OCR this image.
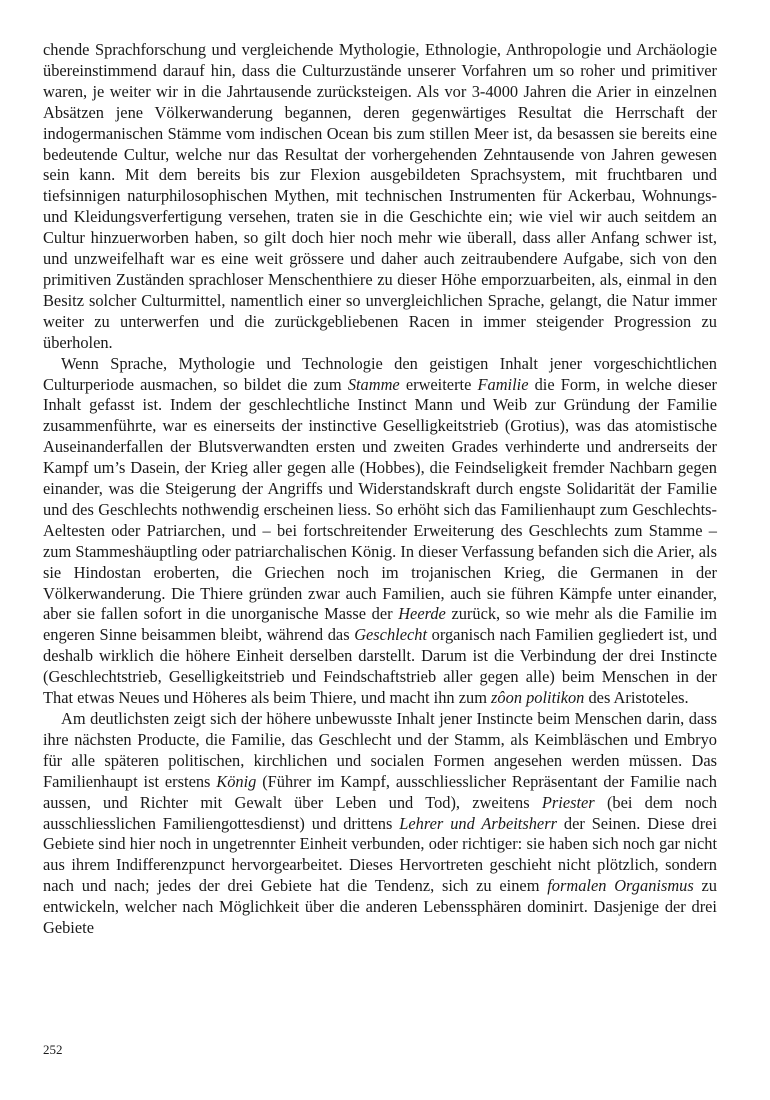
chende Sprachforschung und vergleichende Mythologie, Ethnologie, Anthropologie und Archäologie übereinstimmend darauf hin, dass die Culturzustände unserer Vorfahren um so roher und primitiver waren, je weiter wir in die Jahrtausende zurücksteigen. Als vor 3-4000 Jahren die Arier in einzelnen Absätzen jene Völkerwanderung begannen, deren gegenwärtiges Resultat die Herrschaft der indogermanischen Stämme vom indischen Ocean bis zum stillen Meer ist, da besassen sie bereits eine bedeutende Cultur, welche nur das Resultat der vorhergehenden Zehntausende von Jahren gewesen sein kann. Mit dem bereits bis zur Flexion ausgebildeten Sprachsystem, mit fruchtbaren und tiefsinnigen naturphilosophischen Mythen, mit technischen Instrumenten für Ackerbau, Wohnungs- und Kleidungsverfertigung versehen, traten sie in die Geschichte ein; wie viel wir auch seitdem an Cultur hinzuerworben haben, so gilt doch hier noch mehr wie überall, dass aller Anfang schwer ist, und unzweifelhaft war es eine weit grössere und daher auch zeitraubendere Aufgabe, sich von den primitiven Zuständen sprachloser Menschenthiere zu dieser Höhe emporzuarbeiten, als, einmal in den Besitz solcher Culturmittel, namentlich einer so unvergleichlichen Sprache, gelangt, die Natur immer weiter zu unterwerfen und die zurückgebliebenen Racen in immer steigender Progression zu überholen.

Wenn Sprache, Mythologie und Technologie den geistigen Inhalt jener vorgeschichtlichen Culturperiode ausmachen, so bildet die zum Stamme erweiterte Familie die Form, in welche dieser Inhalt gefasst ist. Indem der geschlechtliche Instinct Mann und Weib zur Gründung der Familie zusammenführte, war es einerseits der instinctive Geselligkeitstrieb (Grotius), was das atomistische Auseinanderfallen der Blutsverwandten ersten und zweiten Grades verhinderte und andrerseits der Kampf um’s Dasein, der Krieg aller gegen alle (Hobbes), die Feindseligkeit fremder Nachbarn gegen einander, was die Steigerung der Angriffs und Widerstandskraft durch engste Solidarität der Familie und des Geschlechts nothwendig erscheinen liess. So erhöht sich das Familienhaupt zum Geschlechts-Aeltesten oder Patriarchen, und – bei fortschreitender Erweiterung des Geschlechts zum Stamme – zum Stammeshäuptling oder patriarchalischen König. In dieser Verfassung befanden sich die Arier, als sie Hindostan eroberten, die Griechen noch im trojanischen Krieg, die Germanen in der Völkerwanderung. Die Thiere gründen zwar auch Familien, auch sie führen Kämpfe unter einander, aber sie fallen sofort in die unorganische Masse der Heerde zurück, so wie mehr als die Familie im engeren Sinne beisammen bleibt, während das Geschlecht organisch nach Familien gegliedert ist, und deshalb wirklich die höhere Einheit derselben darstellt. Darum ist die Verbindung der drei Instincte (Geschlechtstrieb, Geselligkeitstrieb und Feindschaftstrieb aller gegen alle) beim Menschen in der That etwas Neues und Höheres als beim Thiere, und macht ihn zum zôon politikon des Aristoteles.

Am deutlichsten zeigt sich der höhere unbewusste Inhalt jener Instincte beim Menschen darin, dass ihre nächsten Producte, die Familie, das Geschlecht und der Stamm, als Keimbläschen und Embryo für alle späteren politischen, kirchlichen und socialen Formen angesehen werden müssen. Das Familienhaupt ist erstens König (Führer im Kampf, ausschliesslicher Repräsentant der Familie nach aussen, und Richter mit Gewalt über Leben und Tod), zweitens Priester (bei dem noch ausschliesslichen Familiengottesdienst) und drittens Lehrer und Arbeitsherr der Seinen. Diese drei Gebiete sind hier noch in ungetrennter Einheit verbunden, oder richtiger: sie haben sich noch gar nicht aus ihrem Indifferenzpunct hervorgearbeitet. Dieses Hervortreten geschieht nicht plötzlich, sondern nach und nach; jedes der drei Gebiete hat die Tendenz, sich zu einem formalen Organismus zu entwickeln, welcher nach Möglichkeit über die anderen Lebenssphären dominirt. Dasjenige der drei Gebiete

252
